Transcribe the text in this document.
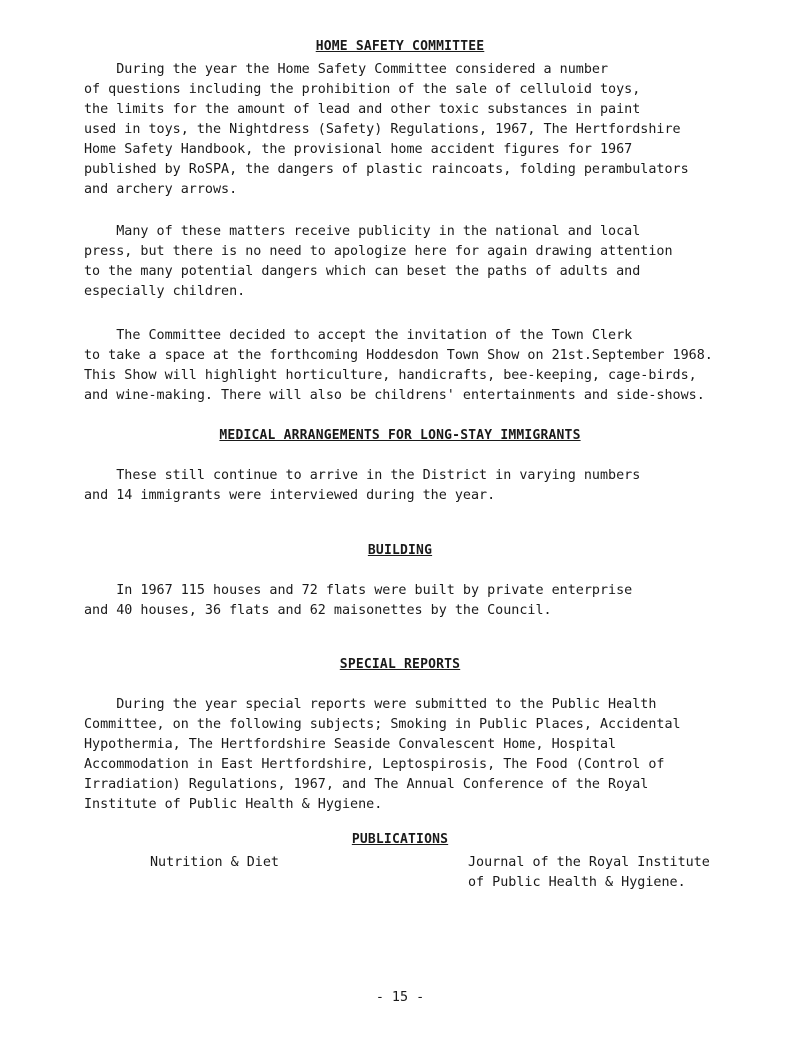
HOME SAFETY COMMITTEE
During the year the Home Safety Committee considered a number
of questions including the prohibition of the sale of celluloid toys,
the limits for the amount of lead and other toxic substances in paint
used in toys, the Nightdress (Safety) Regulations, 1967, The Hertfordshire
Home Safety Handbook, the provisional home accident figures for 1967
published by RoSPA, the dangers of plastic raincoats, folding perambulators
and archery arrows.
Many of these matters receive publicity in the national and local
press, but there is no need to apologize here for again drawing attention
to the many potential dangers which can beset the paths of adults and
especially children.
The Committee decided to accept the invitation of the Town Clerk
to take a space at the forthcoming Hoddesdon Town Show on 21st.September 1968.
This Show will highlight horticulture, handicrafts, bee-keeping, cage-birds,
and wine-making. There will also be childrens' entertainments and side-shows.
MEDICAL ARRANGEMENTS FOR LONG-STAY IMMIGRANTS
These still continue to arrive in the District in varying numbers
and 14 immigrants were interviewed during the year.
BUILDING
In 1967 115 houses and 72 flats were built by private enterprise
and 40 houses, 36 flats and 62 maisonettes by the Council.
SPECIAL REPORTS
During the year special reports were submitted to the Public Health
Committee, on the following subjects; Smoking in Public Places, Accidental
Hypothermia, The Hertfordshire Seaside Convalescent Home, Hospital
Accommodation in East Hertfordshire, Leptospirosis, The Food (Control of
Irradiation) Regulations, 1967, and The Annual Conference of the Royal
Institute of Public Health & Hygiene.
PUBLICATIONS
Nutrition & Diet	Journal of the Royal Institute
of Public Health & Hygiene.
- 15 -
